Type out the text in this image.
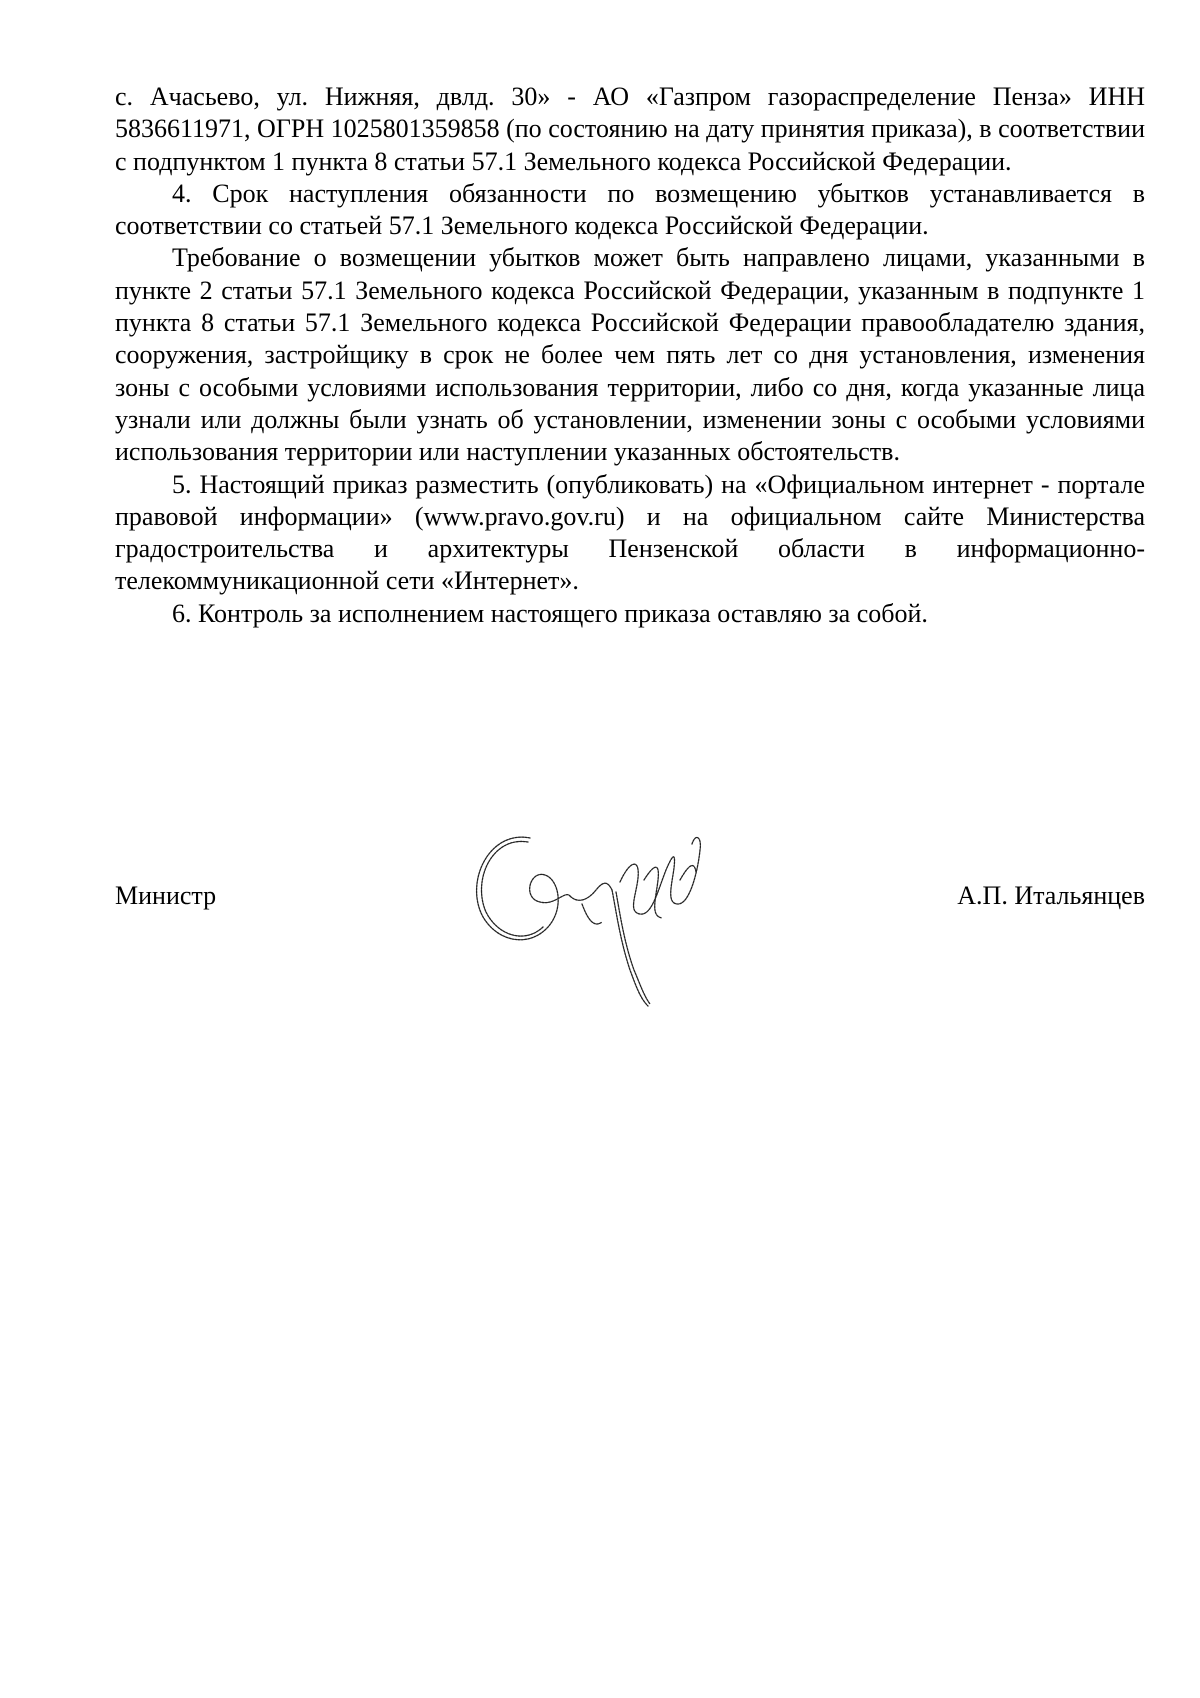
с. Ачасьево, ул. Нижняя, двлд. 30» - АО «Газпром газораспределение Пенза» ИНН 5836611971, ОГРН 1025801359858 (по состоянию на дату принятия приказа), в соответствии с подпунктом 1 пункта 8 статьи 57.1 Земельного кодекса Российской Федерации.

4. Срок наступления обязанности по возмещению убытков устанавливается в соответствии со статьей 57.1 Земельного кодекса Российской Федерации.

Требование о возмещении убытков может быть направлено лицами, указанными в пункте 2 статьи 57.1 Земельного кодекса Российской Федерации, указанным в подпункте 1 пункта 8 статьи 57.1 Земельного кодекса Российской Федерации правообладателю здания, сооружения, застройщику в срок не более чем пять лет со дня установления, изменения зоны с особыми условиями использования территории, либо со дня, когда указанные лица узнали или должны были узнать об установлении, изменении зоны с особыми условиями использования территории или наступлении указанных обстоятельств.

5. Настоящий приказ разместить (опубликовать) на «Официальном интернет - портале правовой информации» (www.pravo.gov.ru) и на официальном сайте Министерства градостроительства и архитектуры Пензенской области в информационно-телекоммуникационной сети «Интернет».

6. Контроль за исполнением настоящего приказа оставляю за собой.

Министр	А.П. Итальянцев
